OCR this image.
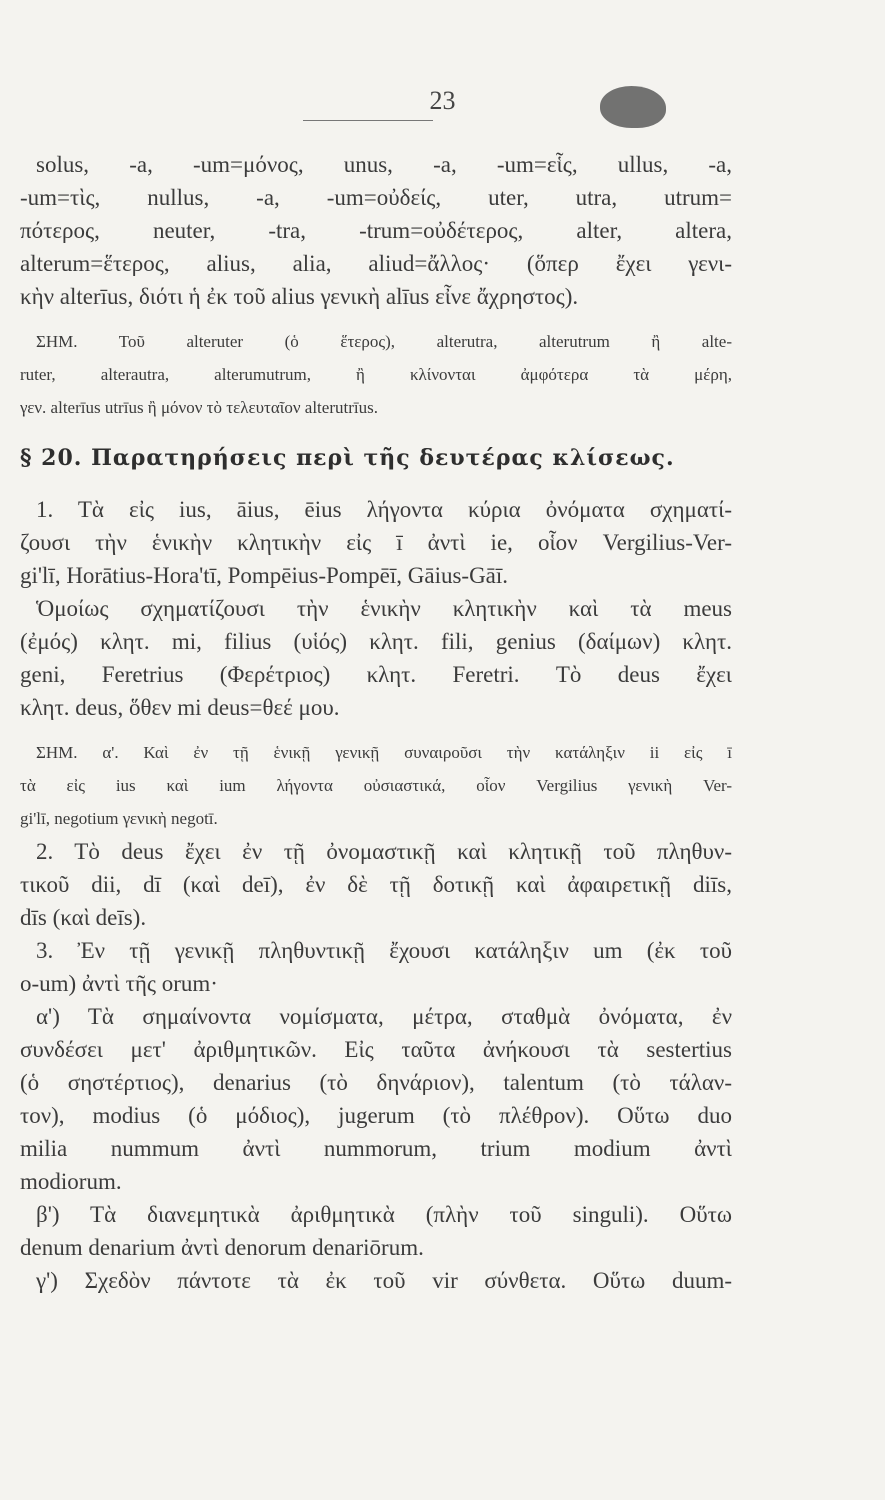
23
solus, -a, -um=μόνος, unus, -a, -um=εἷς, ullus, -a,
-um=τὶς, nullus, -a, -um=οὐδείς, uter, utra, utrum=
πότερος, neuter, -tra, -trum=οὐδέτερος, alter, altera,
alterum=ἕτερος, alius, alia, aliud=ἄλλος· (ὅπερ ἔχει γενι-
κὴν alterīus, διότι ἡ ἐκ τοῦ alius γενικὴ alīus εἶνε ἄχρηστος).
ΣΗΜ. Τοῦ alteruter (ὁ ἕτερος), alterutra, alterutrum ἢ alte-
ruter, alterautra, alterumutrum, ἢ κλίνονται ἀμφότερα τὰ μέρη,
γεν. alterīus utrīus ἢ μόνον τὸ τελευταῖον alterutrīus.
§ 20. Παρατηρήσεις περὶ τῆς δευτέρας κλίσεως.
1. Τὰ εἰς ius, āius, ēius λήγοντα κύρια ὀνόματα σχηματί-
ζουσι τὴν ἑνικὴν κλητικὴν εἰς ī ἀντὶ ie, οἷον Vergilius-Ver-
gi'lī, Horātius-Hora'tī, Pompēius-Pompēī, Gāius-Gāī.
Ὁμοίως σχηματίζουσι τὴν ἑνικὴν κλητικὴν καὶ τὰ meus
(ἐμός) κλητ. mi, filius (υἱός) κλητ. fili, genius (δαίμων) κλητ.
geni, Feretrius (Φερέτριος) κλητ. Feretri. Τὸ deus ἔχει
κλητ. deus, ὅθεν mi deus=θεέ μου.
ΣΗΜ. α'. Καὶ ἐν τῇ ἑνικῇ γενικῇ συναιροῦσι τὴν κατάληξιν ii εἰς ī
τὰ εἰς ius καὶ ium λήγοντα οὐσιαστικά, οἷον Vergilius γενικὴ Ver-
gi'lī, negotium γενικὴ negotī.
2. Τὸ deus ἔχει ἐν τῇ ὀνομαστικῇ καὶ κλητικῇ τοῦ πληθυν-
τικοῦ dii, dī (καὶ deī), ἐν δὲ τῇ δοτικῇ καὶ ἀφαιρετικῇ diīs,
dīs (καὶ deīs).
3. Ἐν τῇ γενικῇ πληθυντικῇ ἔχουσι κατάληξιν um (ἐκ τοῦ
o-um) ἀντὶ τῆς orum·
α') Τὰ σημαίνοντα νομίσματα, μέτρα, σταθμὰ ὀνόματα, ἐν
συνδέσει μετ' ἀριθμητικῶν. Εἰς ταῦτα ἀνήκουσι τὰ sestertius
(ὁ σηστέρτιος), denarius (τὸ δηνάριον), talentum (τὸ τάλαν-
τον), modius (ὁ μόδιος), jugerum (τὸ πλέθρον). Οὕτω duo
milia nummum ἀντὶ nummorum, trium modium ἀντὶ
modiorum.
β') Τὰ διανεμητικὰ ἀριθμητικὰ (πλὴν τοῦ singuli). Οὕτω
denum denarium ἀντὶ denorum denariōrum.
γ') Σχεδὸν πάντοτε τὰ ἐκ τοῦ vir σύνθετα. Οὕτω duum-
